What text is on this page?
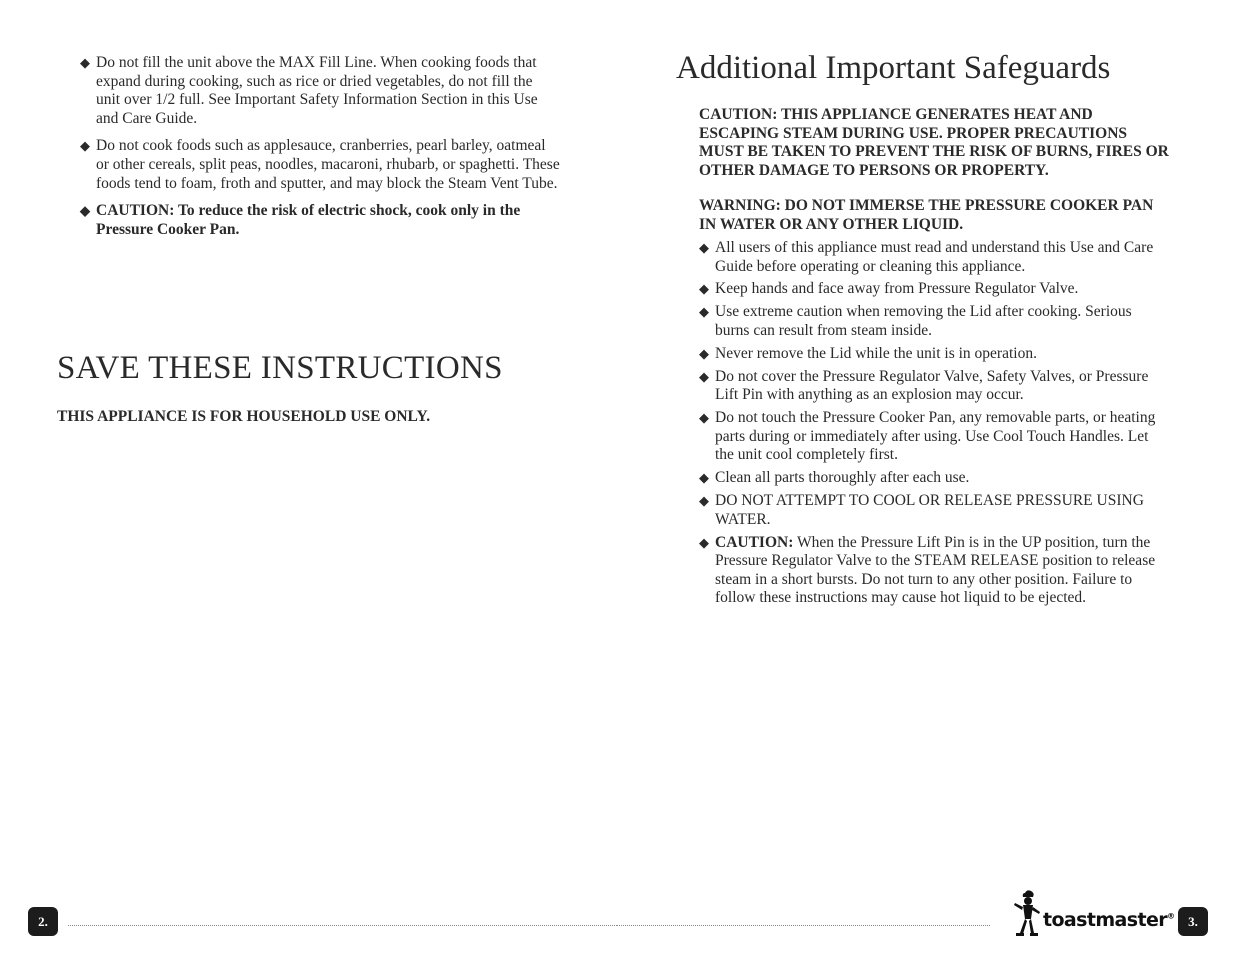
◆ Do not fill the unit above the MAX Fill Line. When cooking foods that expand during cooking, such as rice or dried vegetables, do not fill the unit over 1/2 full. See Important Safety Information Section in this Use and Care Guide.
◆ Do not cook foods such as applesauce, cranberries, pearl barley, oatmeal or other cereals, split peas, noodles, macaroni, rhubarb, or spaghetti. These foods tend to foam, froth and sputter, and may block the Steam Vent Tube.
◆ CAUTION: To reduce the risk of electric shock, cook only in the Pressure Cooker Pan.
SAVE THESE INSTRUCTIONS

THIS APPLIANCE IS FOR HOUSEHOLD USE ONLY.

2.
Additional Important Safeguards

CAUTION: THIS APPLIANCE GENERATES HEAT AND ESCAPING STEAM DURING USE. PROPER PRECAUTIONS MUST BE TAKEN TO PREVENT THE RISK OF BURNS, FIRES OR OTHER DAMAGE TO PERSONS OR PROPERTY.

WARNING: DO NOT IMMERSE THE PRESSURE COOKER PAN IN WATER OR ANY OTHER LIQUID.

◆ All users of this appliance must read and understand this Use and Care Guide before operating or cleaning this appliance.
◆ Keep hands and face away from Pressure Regulator Valve.
◆ Use extreme caution when removing the Lid after cooking. Serious burns can result from steam inside.
◆ Never remove the Lid while the unit is in operation.
◆ Do not cover the Pressure Regulator Valve, Safety Valves, or Pressure Lift Pin with anything as an explosion may occur.
◆ Do not touch the Pressure Cooker Pan, any removable parts, or heating parts during or immediately after using. Use Cool Touch Handles. Let the unit cool completely first.
◆ Clean all parts thoroughly after each use.
◆ DO NOT ATTEMPT TO COOL OR RELEASE PRESSURE USING WATER.
◆ CAUTION: When the Pressure Lift Pin is in the UP position, turn the Pressure Regulator Valve to the STEAM RELEASE position to release steam in a short bursts. Do not turn to any other position. Failure to follow these instructions may cause hot liquid to be ejected.
toastmaster®	3.
